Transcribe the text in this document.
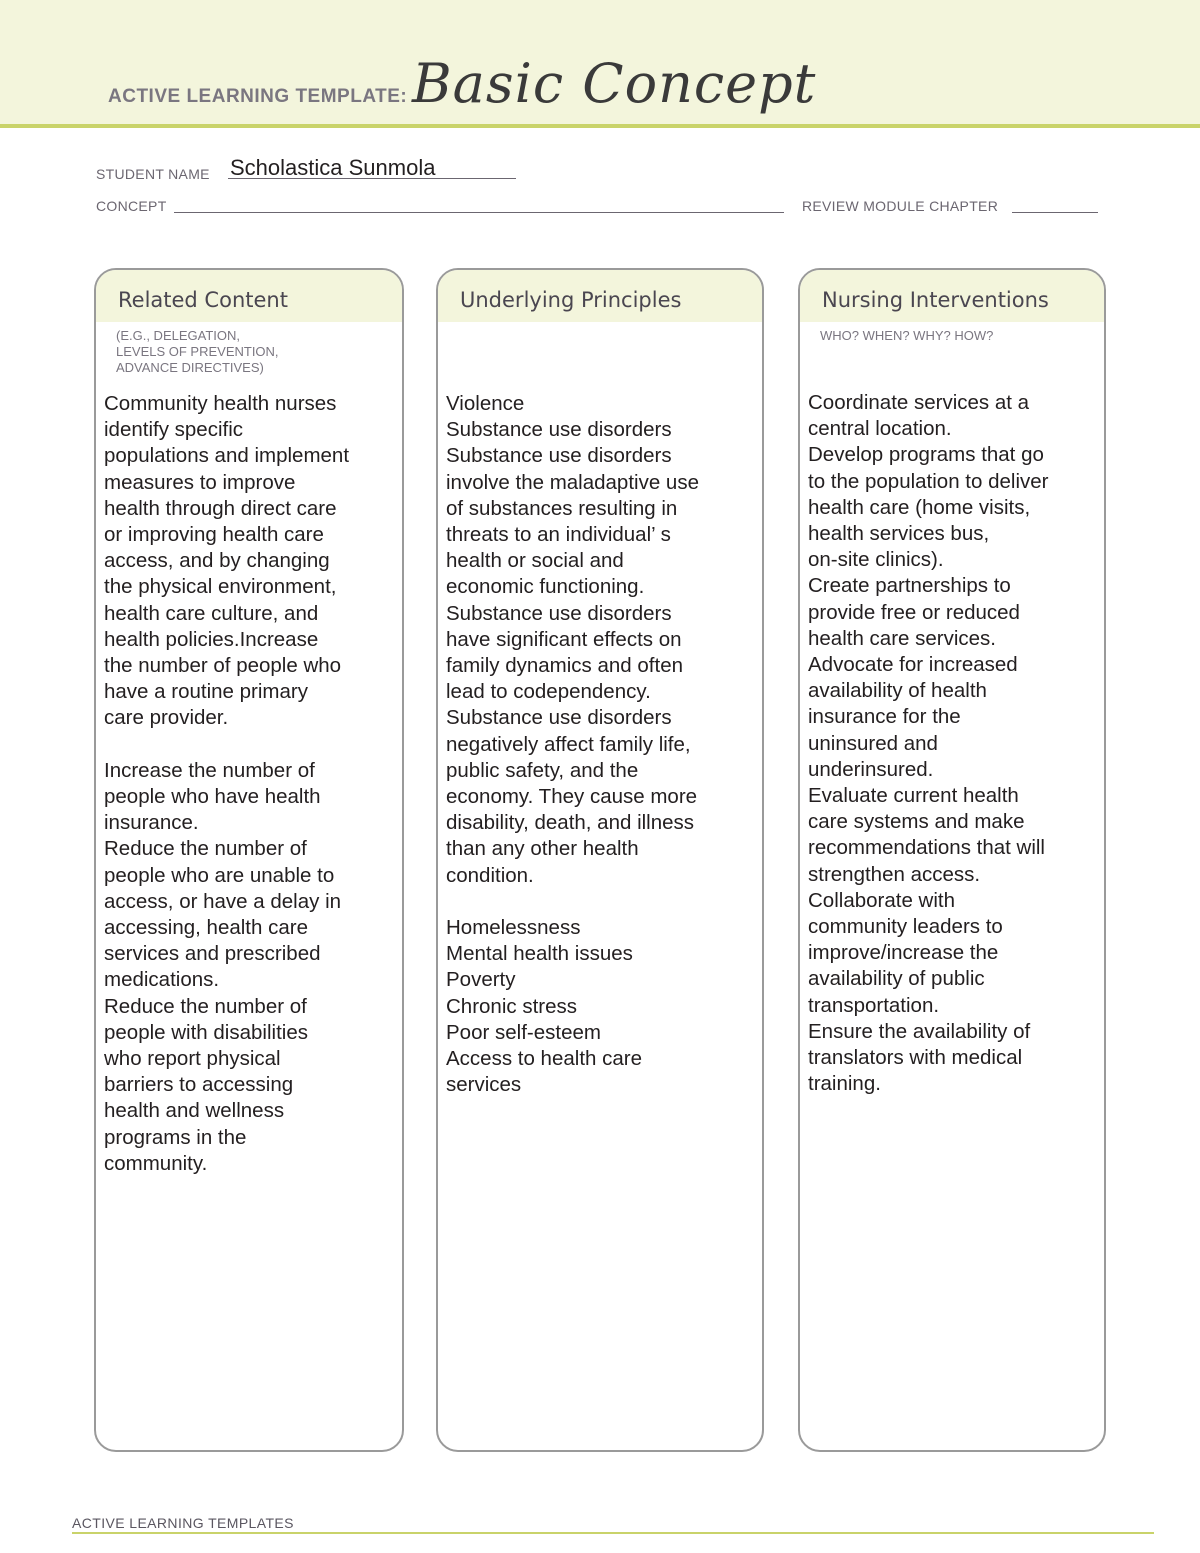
ACTIVE LEARNING TEMPLATE: Basic Concept
STUDENT NAME Scholastica Sunmola
CONCEPT	REVIEW MODULE CHAPTER
Related Content
(E.G., DELEGATION,
LEVELS OF PREVENTION,
ADVANCE DIRECTIVES)
Community health nurses
identify specific
populations and implement
measures to improve
health through direct care
or improving health care
access, and by changing
the physical environment,
health care culture, and
health policies.Increase
the number of people who
have a routine primary
care provider.

Increase the number of
people who have health
insurance.
Reduce the number of
people who are unable to
access, or have a delay in
accessing, health care
services and prescribed
medications.
Reduce the number of
people with disabilities
who report physical
barriers to accessing
health and wellness
programs in the
community.
Underlying Principles
Violence
Substance use disorders
Substance use disorders
involve the maladaptive use
of substances resulting in
threats to an individual’ s
health or social and
economic functioning.
Substance use disorders
have significant effects on
family dynamics and often
lead to codependency.
Substance use disorders
negatively affect family life,
public safety, and the
economy. They cause more
disability, death, and illness
than any other health
condition.

Homelessness
Mental health issues
Poverty
Chronic stress
Poor self-esteem
Access to health care
services
Nursing Interventions
WHO? WHEN? WHY? HOW?
Coordinate services at a
central location.
Develop programs that go
to the population to deliver
health care (home visits,
health services bus,
on-site clinics).
Create partnerships to
provide free or reduced
health care services.
Advocate for increased
availability of health
insurance for the
uninsured and
underinsured.
Evaluate current health
care systems and make
recommendations that will
strengthen access.
Collaborate with
community leaders to
improve/increase the
availability of public
transportation.
Ensure the availability of
translators with medical
training.
ACTIVE LEARNING TEMPLATES
